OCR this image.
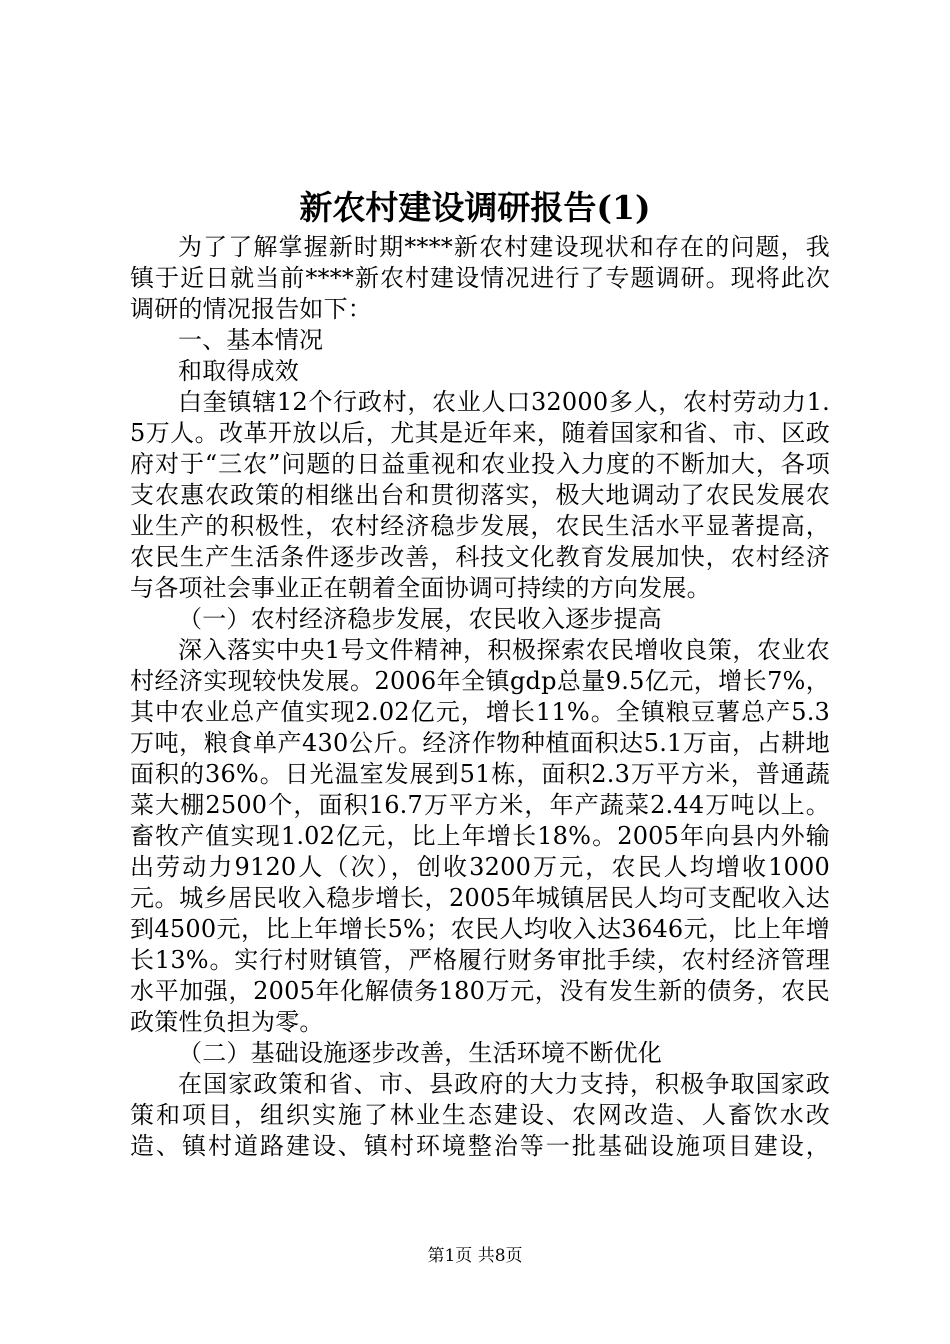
新农村建设调研报告(1)

为了了解掌握新时期****新农村建设现状和存在的问题，我镇于近日就当前****新农村建设情况进行了专题调研。现将此次调研的情况报告如下：

一、基本情况

和取得成效

白奎镇辖12个行政村，农业人口32000多人，农村劳动力1.5万人。改革开放以后，尤其是近年来，随着国家和省、市、区政府对于“三农”问题的日益重视和农业投入力度的不断加大，各项支农惠农政策的相继出台和贯彻落实，极大地调动了农民发展农业生产的积极性，农村经济稳步发展，农民生活水平显著提高，农民生产生活条件逐步改善，科技文化教育发展加快，农村经济与各项社会事业正在朝着全面协调可持续的方向发展。

（一）农村经济稳步发展，农民收入逐步提高

深入落实中央1号文件精神，积极探索农民增收良策，农业农村经济实现较快发展。2006年全镇gdp总量9.5亿元，增长7%，其中农业总产值实现2.02亿元，增长11%。全镇粮豆薯总产5.3万吨，粮食单产430公斤。经济作物种植面积达5.1万亩，占耕地面积的36%。日光温室发展到51栋，面积2.3万平方米，普通蔬菜大棚2500个，面积16.7万平方米，年产蔬菜2.44万吨以上。畜牧产值实现1.02亿元，比上年增长18%。2005年向县内外输出劳动力9120人（次），创收3200万元，农民人均增收1000元。城乡居民收入稳步增长，2005年城镇居民人均可支配收入达到4500元，比上年增长5%；农民人均收入达3646元，比上年增长13%。实行村财镇管，严格履行财务审批手续，农村经济管理水平加强，2005年化解债务180万元，没有发生新的债务，农民政策性负担为零。

（二）基础设施逐步改善，生活环境不断优化

在国家政策和省、市、县政府的大力支持，积极争取国家政策和项目，组织实施了林业生态建设、农网改造、人畜饮水改造、镇村道路建设、镇村环境整治等一批基础设施项目建设，

第1页 共8页
